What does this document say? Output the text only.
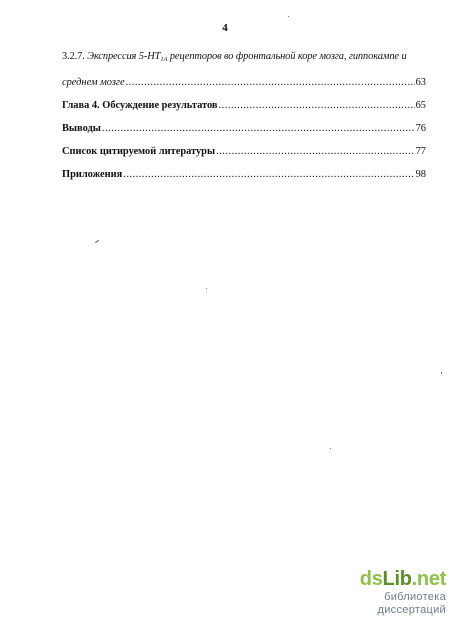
4
3.2.7. Экспрессия $5-HT_{1A}$ рецепторов во фронтальной коре мозга, гиппокампе и
среднем мозге .....	63
Глава 4. Обсуждение результатов .....	65
Выводы .....	76
Список цитируемой литературы .....	77
Приложения .....	98
dsLib.net
библиотека диссертаций
